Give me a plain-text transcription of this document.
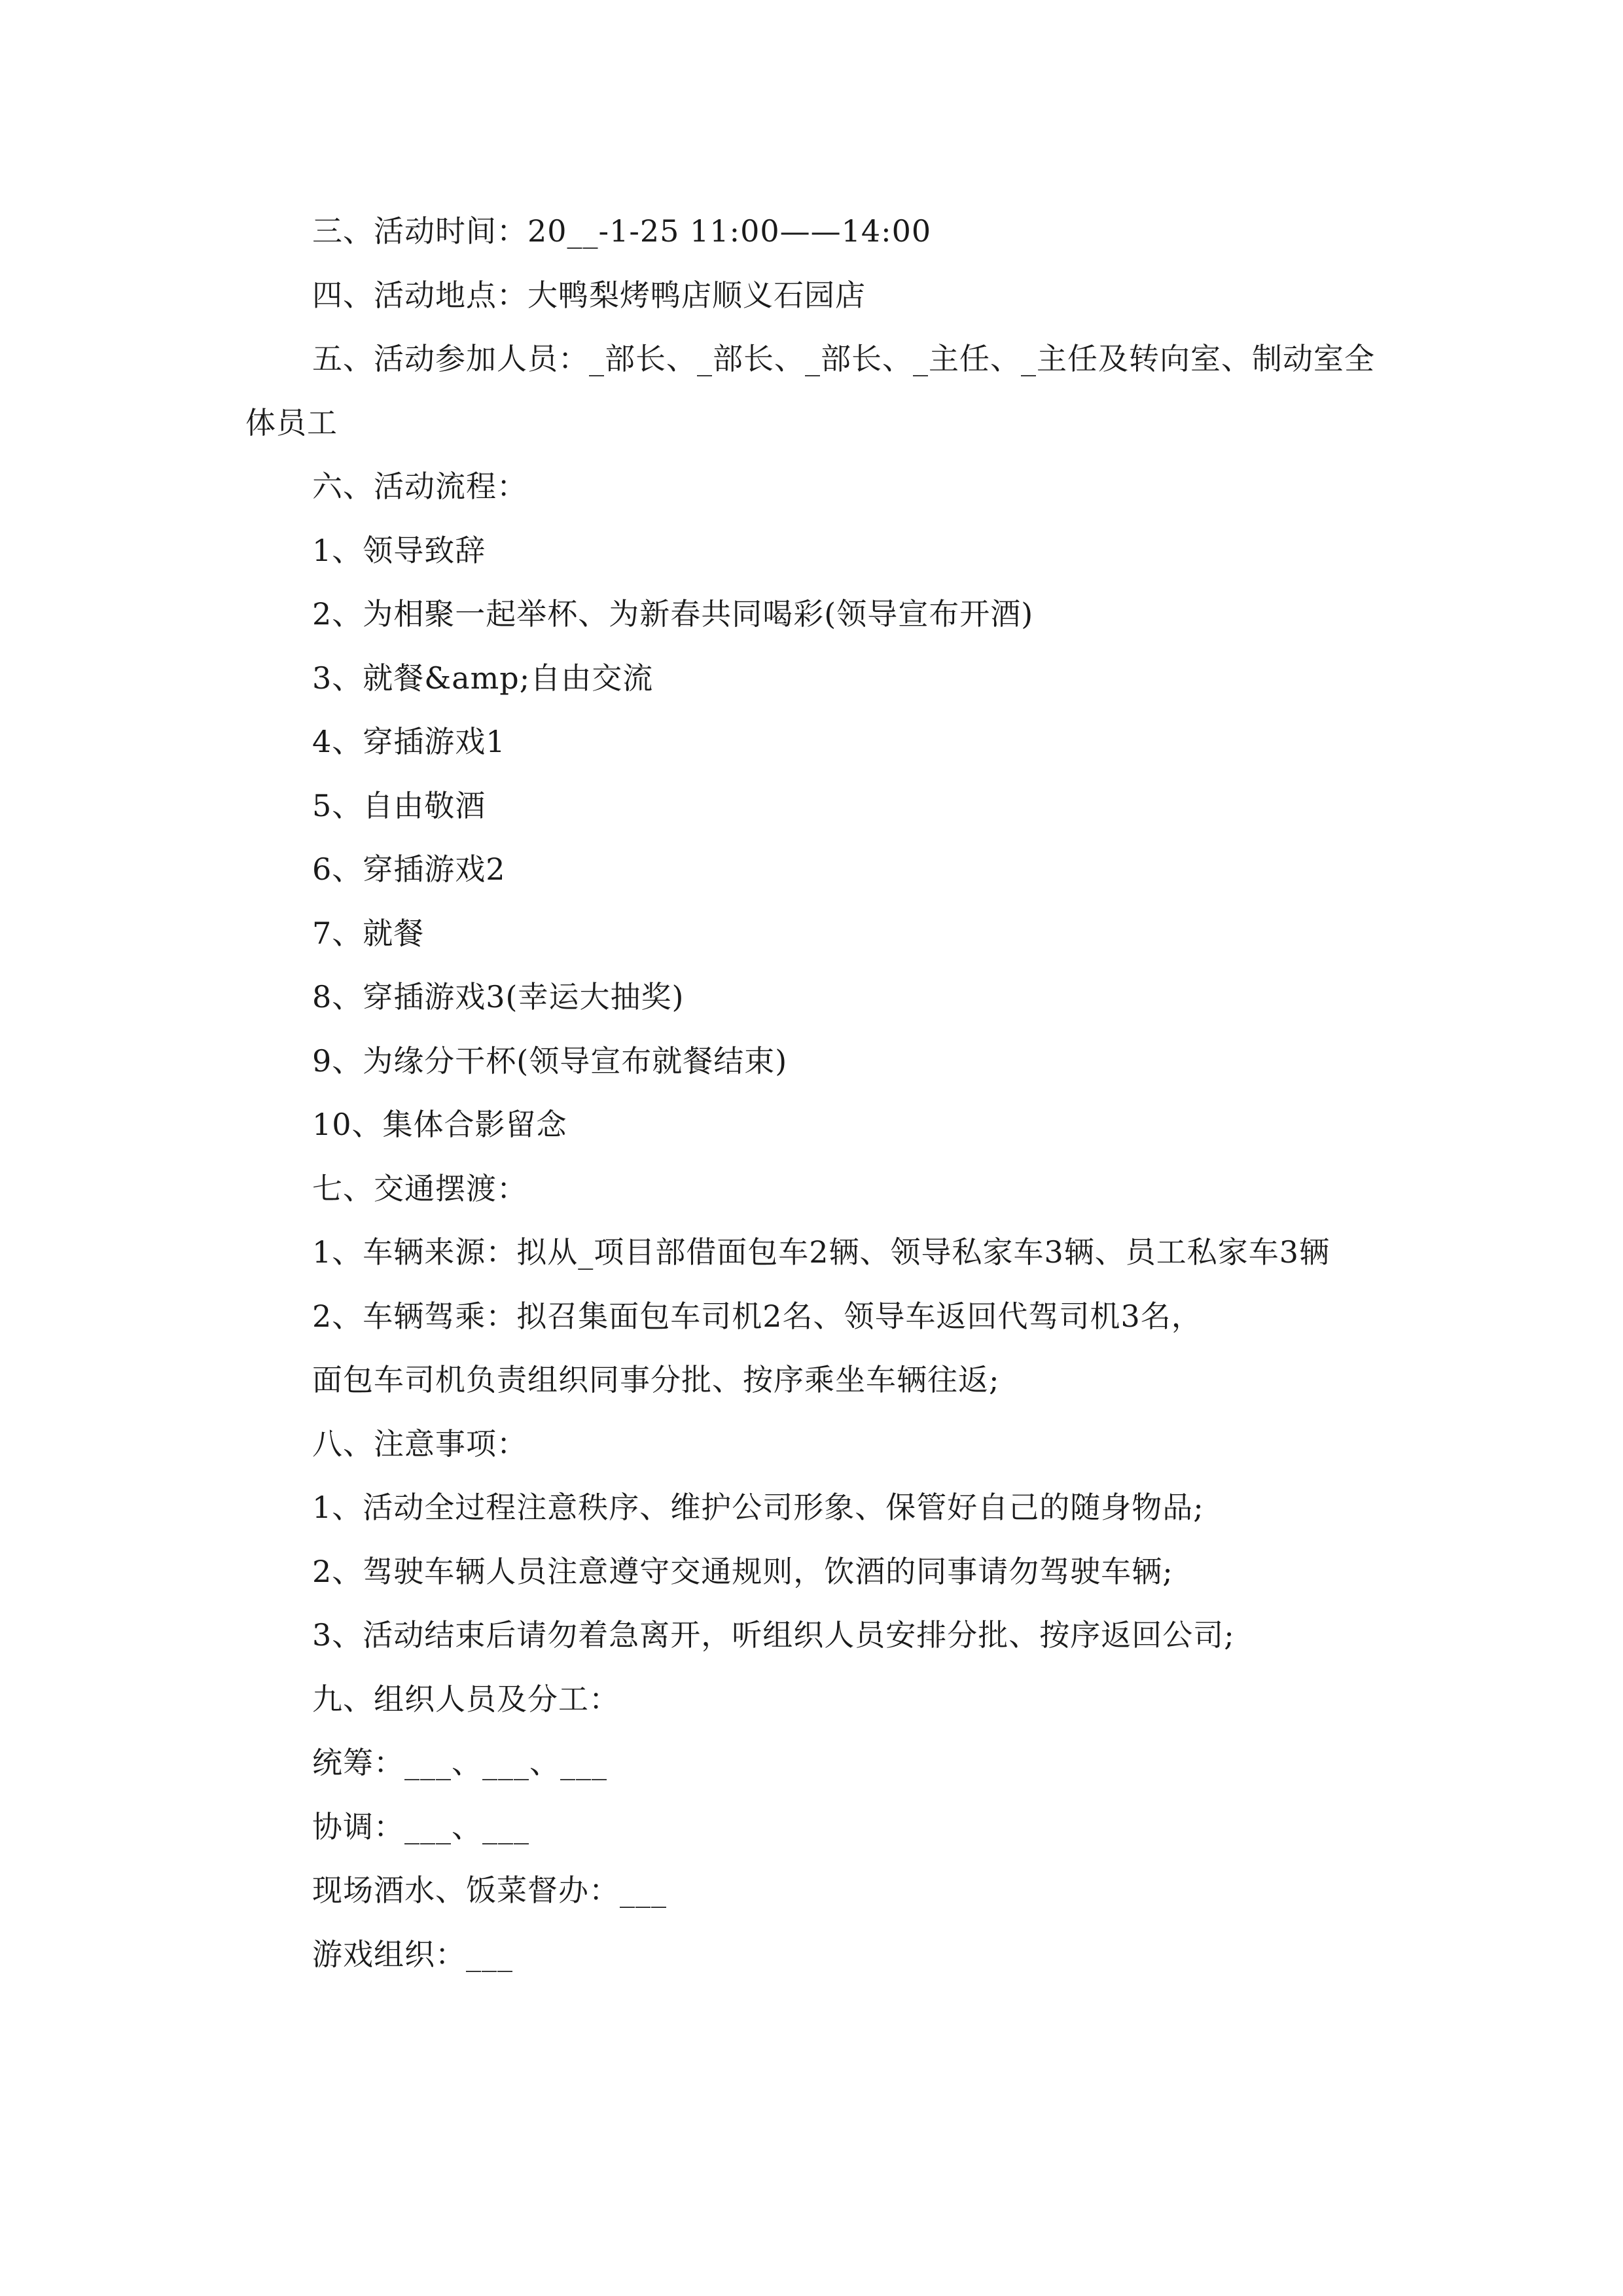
三、活动时间：20__-1-25 11:00——14:00

四、活动地点：大鸭梨烤鸭店顺义石园店

五、活动参加人员：_部长、_部长、_部长、_主任、_主任及转向室、制动室全体员工

六、活动流程：

1、领导致辞

2、为相聚一起举杯、为新春共同喝彩(领导宣布开酒)

3、就餐&amp;自由交流

4、穿插游戏1

5、自由敬酒

6、穿插游戏2

7、就餐

8、穿插游戏3(幸运大抽奖)

9、为缘分干杯(领导宣布就餐结束)

10、集体合影留念

七、交通摆渡：

1、车辆来源：拟从_项目部借面包车2辆、领导私家车3辆、员工私家车3辆

2、车辆驾乘：拟召集面包车司机2名、领导车返回代驾司机3名，

面包车司机负责组织同事分批、按序乘坐车辆往返;

八、注意事项：

1、活动全过程注意秩序、维护公司形象、保管好自己的随身物品;

2、驾驶车辆人员注意遵守交通规则，饮酒的同事请勿驾驶车辆;

3、活动结束后请勿着急离开，听组织人员安排分批、按序返回公司;

九、组织人员及分工：

统筹：___、___、___

协调：___、___

现场酒水、饭菜督办：___

游戏组织：___
